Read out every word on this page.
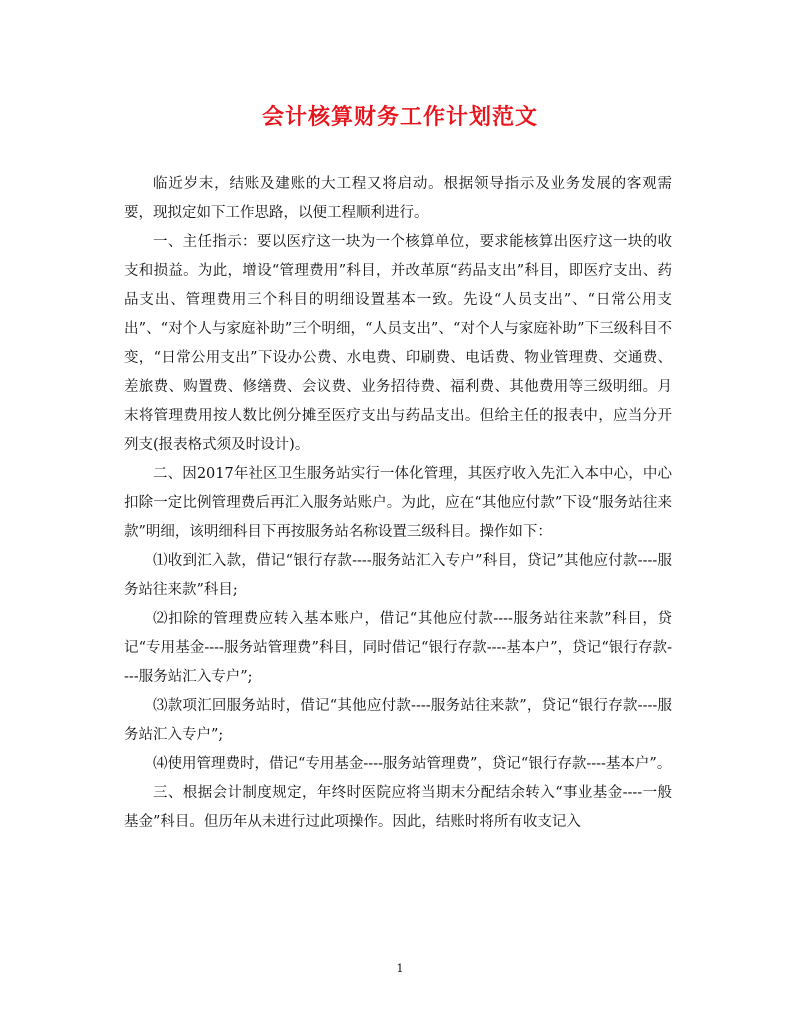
会计核算财务工作计划范文

临近岁末，结账及建账的大工程又将启动。根据领导指示及业务发展的客观需要，现拟定如下工作思路，以便工程顺利进行。

一、主任指示：要以医疗这一块为一个核算单位，要求能核算出医疗这一块的收支和损益。为此，增设“管理费用”科目，并改革原“药品支出”科目，即医疗支出、药品支出、管理费用三个科目的明细设置基本一致。先设“人员支出”、“日常公用支出”、“对个人与家庭补助”三个明细，“人员支出”、“对个人与家庭补助”下三级科目不变，“日常公用支出”下设办公费、水电费、印刷费、电话费、物业管理费、交通费、差旅费、购置费、修缮费、会议费、业务招待费、福利费、其他费用等三级明细。月末将管理费用按人数比例分摊至医疗支出与药品支出。但给主任的报表中，应当分开列支(报表格式须及时设计)。

二、因2017年社区卫生服务站实行一体化管理，其医疗收入先汇入本中心，中心扣除一定比例管理费后再汇入服务站账户。为此，应在“其他应付款”下设“服务站往来款”明细，该明细科目下再按服务站名称设置三级科目。操作如下：

⑴收到汇入款，借记“银行存款----服务站汇入专户”科目，贷记”其他应付款----服务站往来款”科目;

⑵扣除的管理费应转入基本账户，借记“其他应付款----服务站往来款”科目，贷记“专用基金----服务站管理费”科目，同时借记“银行存款----基本户”，贷记“银行存款----服务站汇入专户”;

⑶款项汇回服务站时，借记“其他应付款----服务站往来款”，贷记“银行存款----服务站汇入专户”;

⑷使用管理费时，借记“专用基金----服务站管理费”，贷记“银行存款----基本户”。

三、根据会计制度规定，年终时医院应将当期末分配结余转入“事业基金----一般基金”科目。但历年从未进行过此项操作。因此，结账时将所有收支记入

1
